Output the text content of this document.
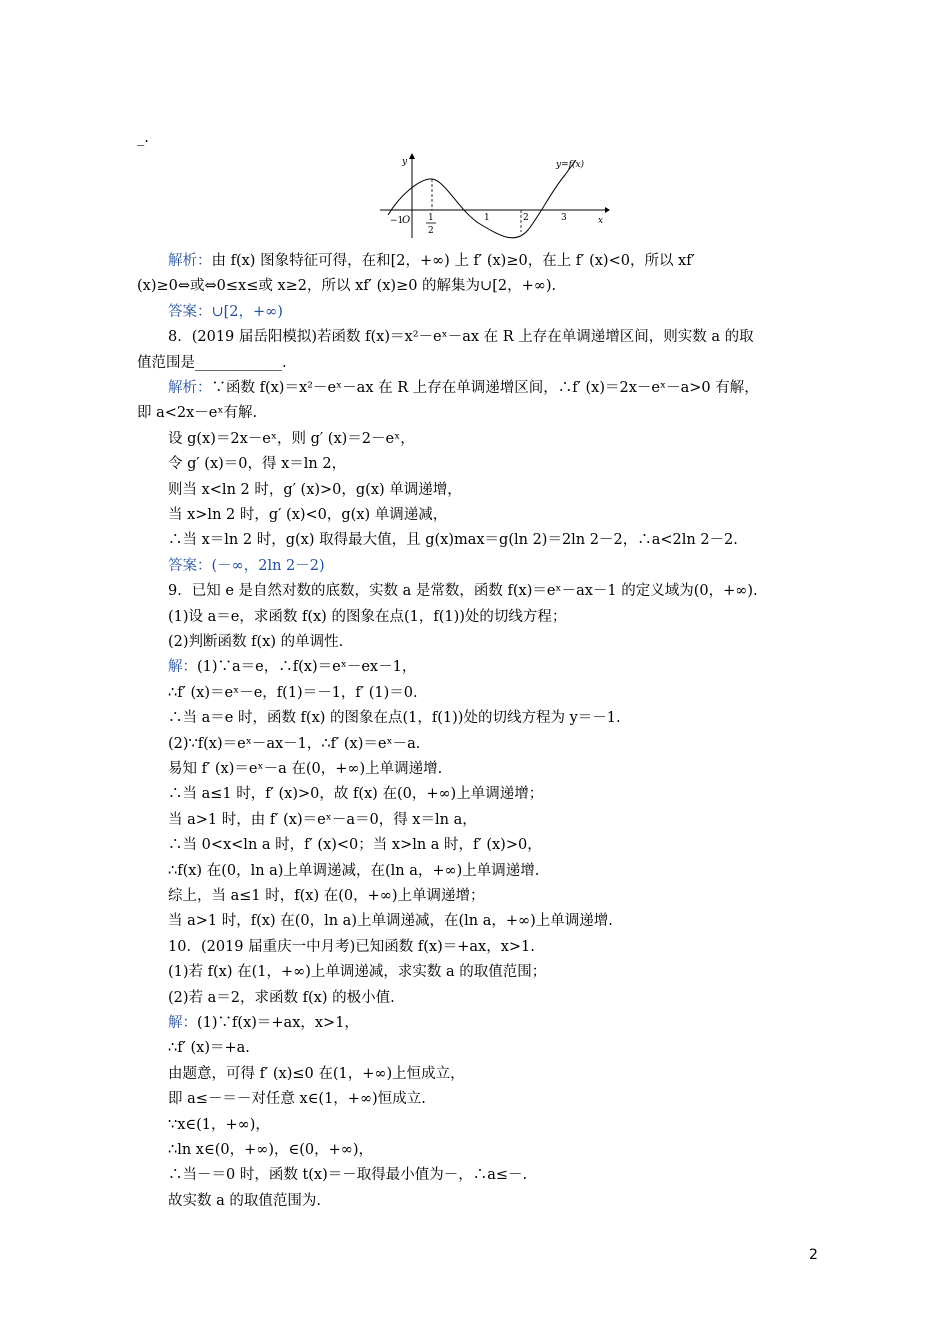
_.
y
x
O
−1	1
2
1	2	3
y=f(x)
解析：由 f(x) 图象特征可得，在和[2，+∞) 上 f′ (x)≥0，在上 f′ (x)<0，所以 xf′
(x)≥0⇔或⇔0≤x≤或 x≥2，所以 xf′ (x)≥0 的解集为∪[2，+∞).
答案：∪[2，+∞)
8．(2019 届岳阳模拟)若函数 f(x)＝x²－eˣ－ax 在 R 上存在单调递增区间，则实数 a 的取
值范围是____________.
解析：∵函数 f(x)＝x²－eˣ－ax 在 R 上存在单调递增区间，∴f′ (x)＝2x－eˣ－a>0 有解，
即 a<2x－eˣ有解.
设 g(x)＝2x－eˣ，则 g′ (x)＝2－eˣ，
令 g′ (x)＝0，得 x＝ln 2，
则当 x<ln 2 时，g′ (x)>0，g(x) 单调递增，
当 x>ln 2 时，g′ (x)<0，g(x) 单调递减，
∴当 x＝ln 2 时，g(x) 取得最大值，且 g(x)max＝g(ln 2)＝2ln 2－2，∴a<2ln 2－2.
答案：(－∞，2ln 2－2)
9．已知 e 是自然对数的底数，实数 a 是常数，函数 f(x)＝eˣ－ax－1 的定义域为(0，+∞).
(1)设 a＝e，求函数 f(x) 的图象在点(1，f(1))处的切线方程；
(2)判断函数 f(x) 的单调性.
解：(1)∵a＝e，∴f(x)＝eˣ－ex－1，
∴f′ (x)＝eˣ－e，f(1)＝－1，f′ (1)＝0.
∴当 a＝e 时，函数 f(x) 的图象在点(1，f(1))处的切线方程为 y＝－1.
(2)∵f(x)＝eˣ－ax－1，∴f′ (x)＝eˣ－a.
易知 f′ (x)＝eˣ－a 在(0，+∞)上单调递增.
∴当 a≤1 时，f′ (x)>0，故 f(x) 在(0，+∞)上单调递增；
当 a>1 时，由 f′ (x)＝eˣ－a＝0，得 x＝ln a，
∴当 0<x<ln a 时，f′ (x)<0；当 x>ln a 时，f′ (x)>0，
∴f(x) 在(0，ln a)上单调递减，在(ln a，+∞)上单调递增.
综上，当 a≤1 时，f(x) 在(0，+∞)上单调递增；
当 a>1 时，f(x) 在(0，ln a)上单调递减，在(ln a，+∞)上单调递增.
10．(2019 届重庆一中月考)已知函数 f(x)＝+ax，x>1.
(1)若 f(x) 在(1，+∞)上单调递减，求实数 a 的取值范围；
(2)若 a＝2，求函数 f(x) 的极小值.
解：(1)∵f(x)＝+ax，x>1，
∴f′ (x)＝+a.
由题意，可得 f′ (x)≤0 在(1，+∞)上恒成立，
即 a≤－＝－对任意 x∈(1，+∞)恒成立.
∵x∈(1，+∞)，
∴ln x∈(0，+∞)，∈(0，+∞)，
∴当－＝0 时，函数 t(x)＝－取得最小值为－，∴a≤－.
故实数 a 的取值范围为.
2
